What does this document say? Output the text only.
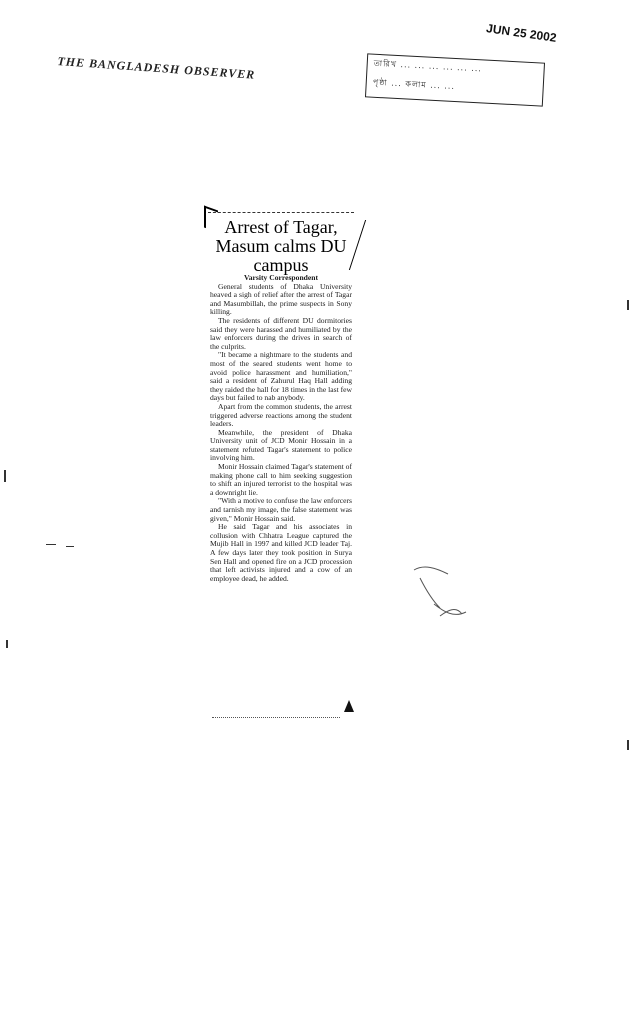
THE BANGLADESH OBSERVER
JUN 25 2002
তারিখ ... ... ... ... ... ...
পৃষ্ঠা ... কলাম ... ...
Arrest of Tagar, Masum calms DU campus

Varsity Correspondent

General students of Dhaka University heaved a sigh of relief after the arrest of Tagar and Masumbillah, the prime suspects in Sony killing.

The residents of different DU dormitories said they were harassed and humiliated by the law enforcers during the drives in search of the culprits.

"It became a nightmare to the students and most of the seared students went home to avoid police harassment and humiliation," said a resident of Zahurul Haq Hall adding they raided the hall for 18 times in the last few days but failed to nab anybody.

Apart from the common students, the arrest triggered adverse reactions among the student leaders.

Meanwhile, the president of Dhaka University unit of JCD Monir Hossain in a statement refuted Tagar's statement to police involving him.

Monir Hossain claimed Tagar's statement of making phone call to him seeking suggestion to shift an injured terrorist to the hospital was a downright lie.

"With a motive to confuse the law enforcers and tarnish my image, the false statement was given," Monir Hossain said.

He said Tagar and his associates in collusion with Chhatra League captured the Mujib Hall in 1997 and killed JCD leader Taj. A few days later they took position in Surya Sen Hall and opened fire on a JCD procession that left activists injured and a cow of an employee dead, he added.
